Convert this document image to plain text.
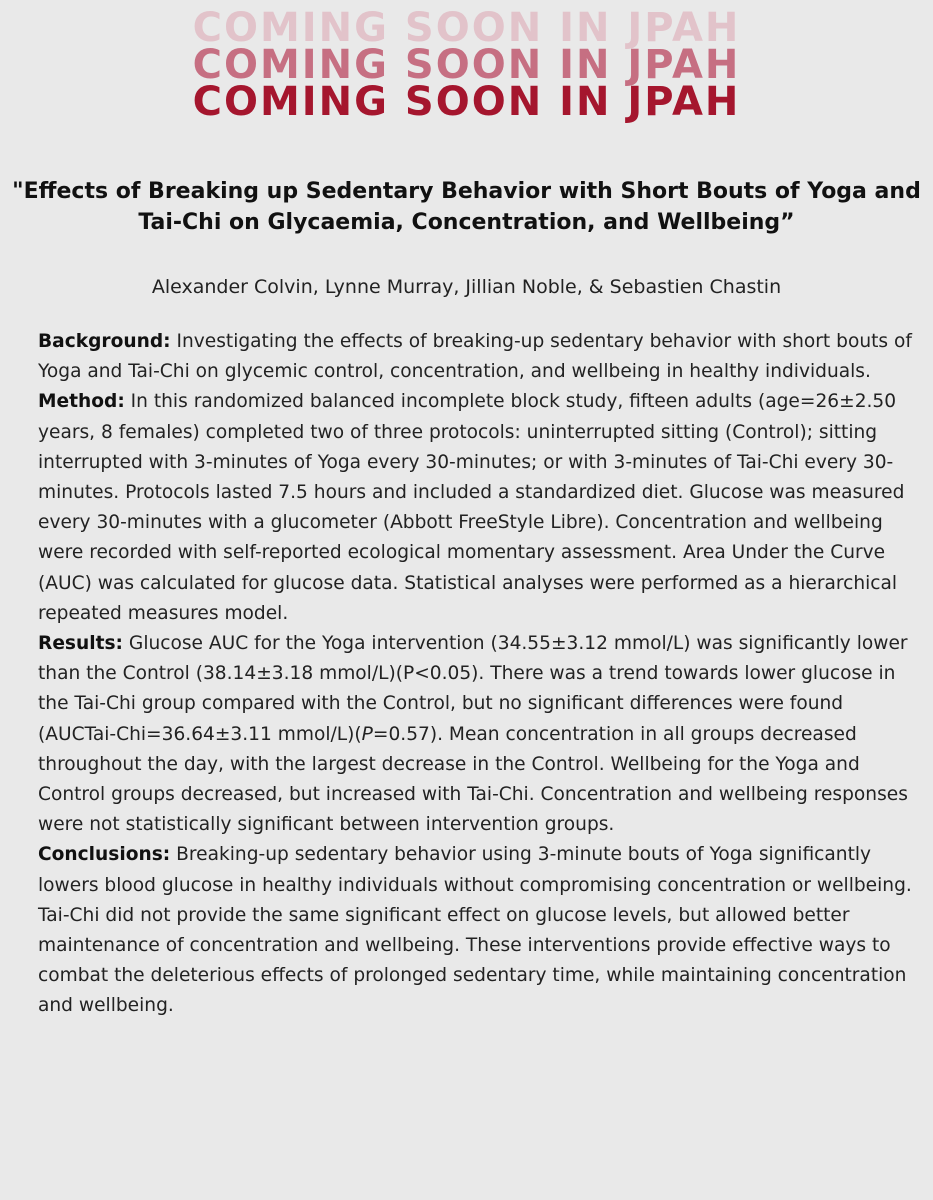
COMING SOON IN JPAH
COMING SOON IN JPAH
COMING SOON IN JPAH
"Effects of Breaking up Sedentary Behavior with Short Bouts of Yoga and Tai-Chi on Glycaemia, Concentration, and Wellbeing”
Alexander Colvin, Lynne Murray, Jillian Noble, & Sebastien Chastin

Background: Investigating the effects of breaking-up sedentary behavior with short bouts of Yoga and Tai-Chi on glycemic control, concentration, and wellbeing in healthy individuals.

Method: In this randomized balanced incomplete block study, fifteen adults (age=26±2.50 years, 8 females) completed two of three protocols: uninterrupted sitting (Control); sitting interrupted with 3-minutes of Yoga every 30-minutes; or with 3-minutes of Tai-Chi every 30-minutes. Protocols lasted 7.5 hours and included a standardized diet. Glucose was measured every 30-minutes with a glucometer (Abbott FreeStyle Libre). Concentration and wellbeing were recorded with self-reported ecological momentary assessment. Area Under the Curve (AUC) was calculated for glucose data. Statistical analyses were performed as a hierarchical repeated measures model.

Results: Glucose AUC for the Yoga intervention (34.55±3.12 mmol/L) was significantly lower than the Control (38.14±3.18 mmol/L)(P<0.05). There was a trend towards lower glucose in the Tai-Chi group compared with the Control, but no significant differences were found (AUCTai-Chi=36.64±3.11 mmol/L)(P=0.57). Mean concentration in all groups decreased throughout the day, with the largest decrease in the Control. Wellbeing for the Yoga and Control groups decreased, but increased with Tai-Chi. Concentration and wellbeing responses were not statistically significant between intervention groups.

Conclusions: Breaking-up sedentary behavior using 3-minute bouts of Yoga significantly lowers blood glucose in healthy individuals without compromising concentration or wellbeing. Tai-Chi did not provide the same significant effect on glucose levels, but allowed better maintenance of concentration and wellbeing. These interventions provide effective ways to combat the deleterious effects of prolonged sedentary time, while maintaining concentration and wellbeing.
